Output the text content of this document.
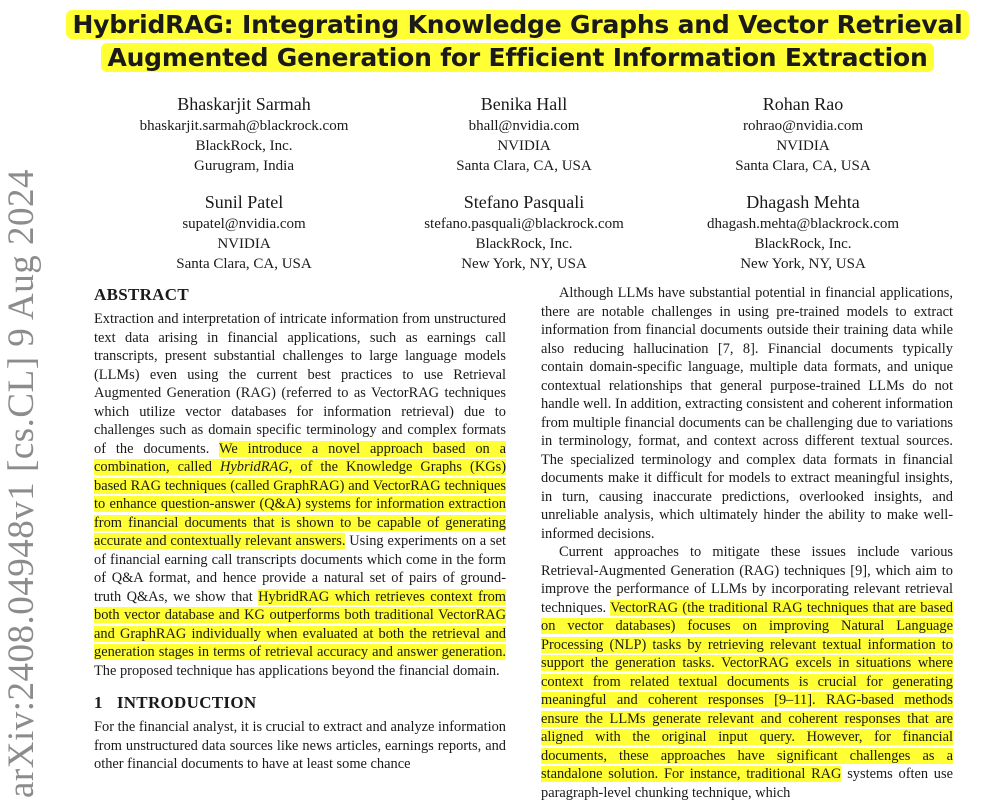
arXiv:2408.04948v1 [cs.CL] 9 Aug 2024
HybridRAG: Integrating Knowledge Graphs and Vector Retrieval
Augmented Generation for Efficient Information Extraction
Bhaskarjit Sarmah
bhaskarjit.sarmah@blackrock.com
BlackRock, Inc.
Gurugram, India
Benika Hall
bhall@nvidia.com
NVIDIA
Santa Clara, CA, USA
Rohan Rao
rohrao@nvidia.com
NVIDIA
Santa Clara, CA, USA
Sunil Patel
supatel@nvidia.com
NVIDIA
Santa Clara, CA, USA
Stefano Pasquali
stefano.pasquali@blackrock.com
BlackRock, Inc.
New York, NY, USA
Dhagash Mehta
dhagash.mehta@blackrock.com
BlackRock, Inc.
New York, NY, USA
ABSTRACT

Extraction and interpretation of intricate information from unstructured text data arising in financial applications, such as earnings call transcripts, present substantial challenges to large language models (LLMs) even using the current best practices to use Retrieval Augmented Generation (RAG) (referred to as VectorRAG techniques which utilize vector databases for information retrieval) due to challenges such as domain specific terminology and complex formats of the documents. We introduce a novel approach based on a combination, called HybridRAG, of the Knowledge Graphs (KGs) based RAG techniques (called GraphRAG) and VectorRAG techniques to enhance question-answer (Q&A) systems for information extraction from financial documents that is shown to be capable of generating accurate and contextually relevant answers. Using experiments on a set of financial earning call transcripts documents which come in the form of Q&A format, and hence provide a natural set of pairs of ground-truth Q&As, we show that HybridRAG which retrieves context from both vector database and KG outperforms both traditional VectorRAG and GraphRAG individually when evaluated at both the retrieval and generation stages in terms of retrieval accuracy and answer generation. The proposed technique has applications beyond the financial domain.

1 INTRODUCTION

For the financial analyst, it is crucial to extract and analyze information from unstructured data sources like news articles, earnings reports, and other financial documents to have at least some chance

Although LLMs have substantial potential in financial applications, there are notable challenges in using pre-trained models to extract information from financial documents outside their training data while also reducing hallucination [7, 8]. Financial documents typically contain domain-specific language, multiple data formats, and unique contextual relationships that general purpose-trained LLMs do not handle well. In addition, extracting consistent and coherent information from multiple financial documents can be challenging due to variations in terminology, format, and context across different textual sources. The specialized terminology and complex data formats in financial documents make it difficult for models to extract meaningful insights, in turn, causing inaccurate predictions, overlooked insights, and unreliable analysis, which ultimately hinder the ability to make well-informed decisions.

Current approaches to mitigate these issues include various Retrieval-Augmented Generation (RAG) techniques [9], which aim to improve the performance of LLMs by incorporating relevant retrieval techniques. VectorRAG (the traditional RAG techniques that are based on vector databases) focuses on improving Natural Language Processing (NLP) tasks by retrieving relevant textual information to support the generation tasks. VectorRAG excels in situations where context from related textual documents is crucial for generating meaningful and coherent responses [9–11]. RAG-based methods ensure the LLMs generate relevant and coherent responses that are aligned with the original input query. However, for financial documents, these approaches have significant challenges as a standalone solution. For instance, traditional RAG systems often use paragraph-level chunking technique, which
